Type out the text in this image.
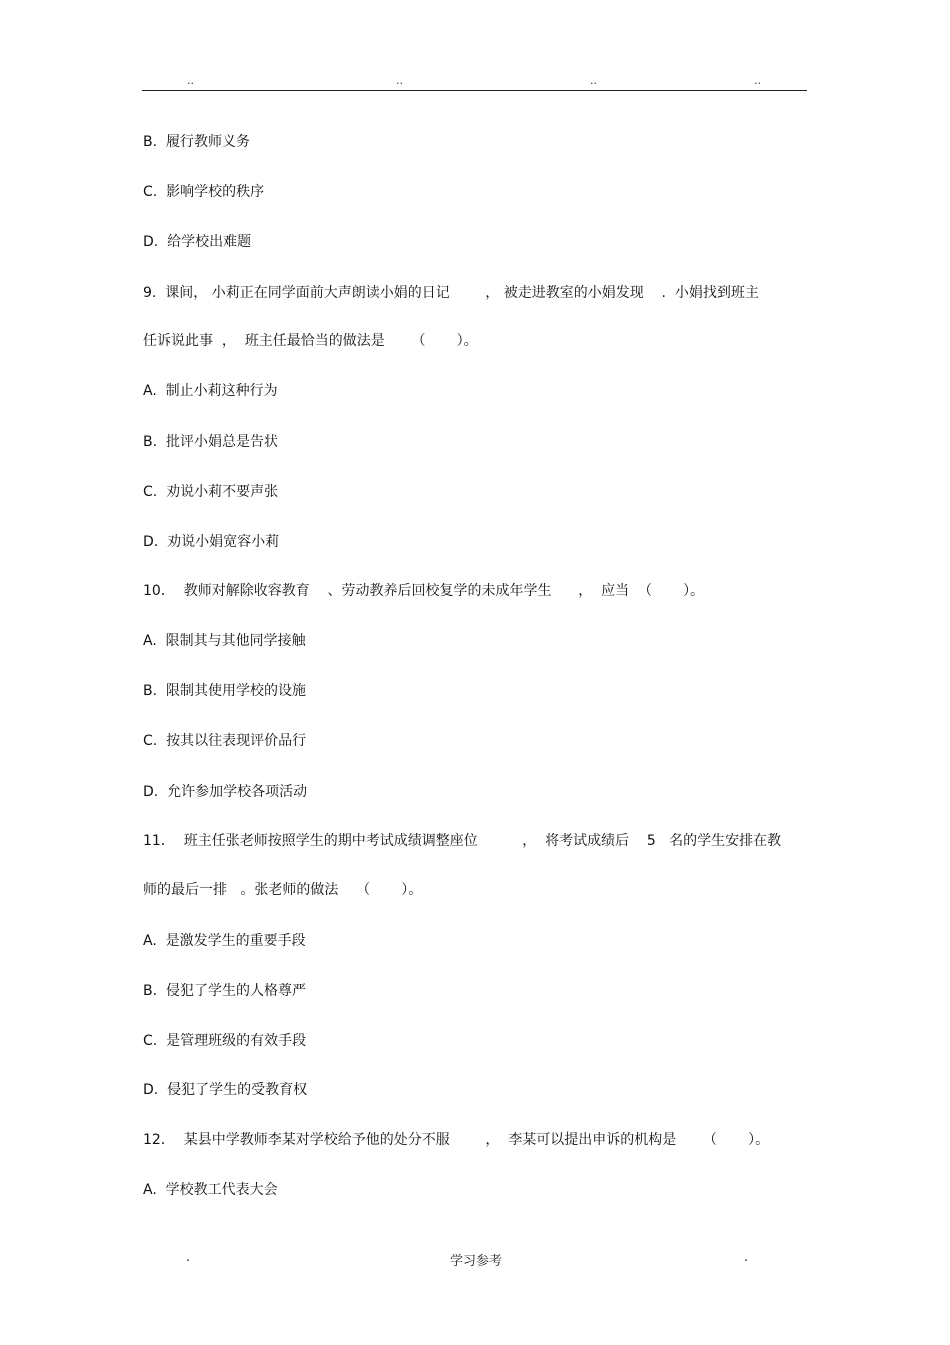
..	..	..	..
B.  履行教师义务
C.  影响学校的秩序
D.  给学校出难题
9.  课间， 小莉正在同学面前大声朗读小娟的日记        ， 被走进教室的小娟发现    .  小娟找到班主
任诉说此事  ，  班主任最恰当的做法是      （       ）。
A.  制止小莉这种行为
B.  批评小娟总是告状
C.  劝说小莉不要声张
D.  劝说小娟宽容小莉
10．  教师对解除收容教育    、劳动教养后回校复学的未成年学生      ，  应当  （       ）。
A.  限制其与其他同学接触
B.  限制其使用学校的设施
C.  按其以往表现评价品行
D.  允许参加学校各项活动
11．  班主任张老师按照学生的期中考试成绩调整座位          ，  将考试成绩后    5   名的学生安排在教
师的最后一排   。张老师的做法    （       ）。
A.  是激发学生的重要手段
B.  侵犯了学生的人格尊严
C.  是管理班级的有效手段
D.  侵犯了学生的受教育权
12．  某县中学教师李某对学校给予他的处分不服        ，  李某可以提出申诉的机构是      （       ）。
A.  学校教工代表大会
.	学习参考	.
